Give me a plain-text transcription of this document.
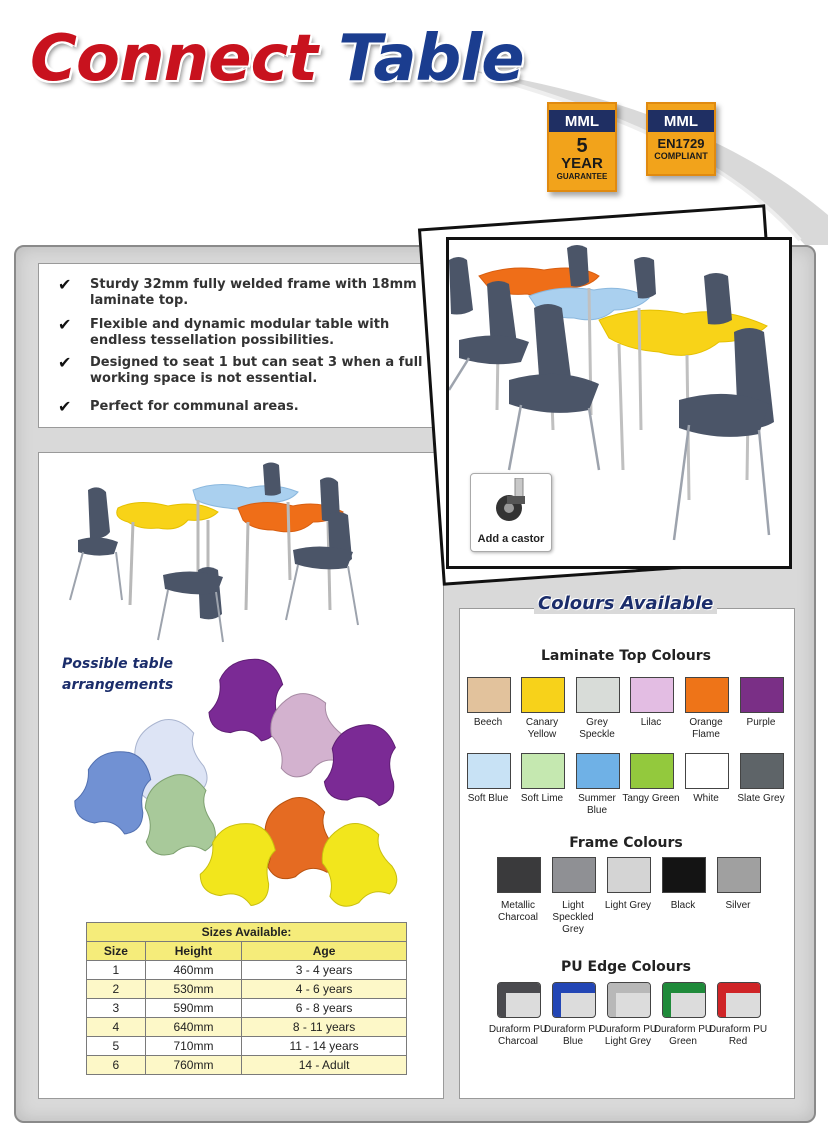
Connect Table
MML
5
YEAR
GUARANTEE
MML
EN1729
COMPLIANT
✔ Sturdy 32mm fully welded frame with 18mm laminate top.
✔ Flexible and dynamic modular table with endless tessellation possibilities.
✔ Designed to seat 1 but can seat 3 when a full working space is not essential.
✔ Perfect for communal areas.
Possible table
arrangements
Sizes Available:		
Size	Height	Age
1	460mm	3 - 4 years
2	530mm	4 - 6 years
3	590mm	6 - 8 years
4	640mm	8 - 11 years
5	710mm	11 - 14 years
6	760mm	14 - Adult
Add a castor
Colours Available
Laminate Top Colours
Frame Colours
PU Edge Colours
Beech	Canary Yellow
Grey Speckle
Lilac	Orange Flame
Purple
Soft Blue	Soft Lime	Summer Blue
Tangy Green	White	Slate Grey
Metallic Charcoal
Light Speckled Grey
Light Grey	Black	Silver
Duraform PU Charcoal
Duraform PU Blue
Duraform PU Light Grey
Duraform PU Green
Duraform PU Red
